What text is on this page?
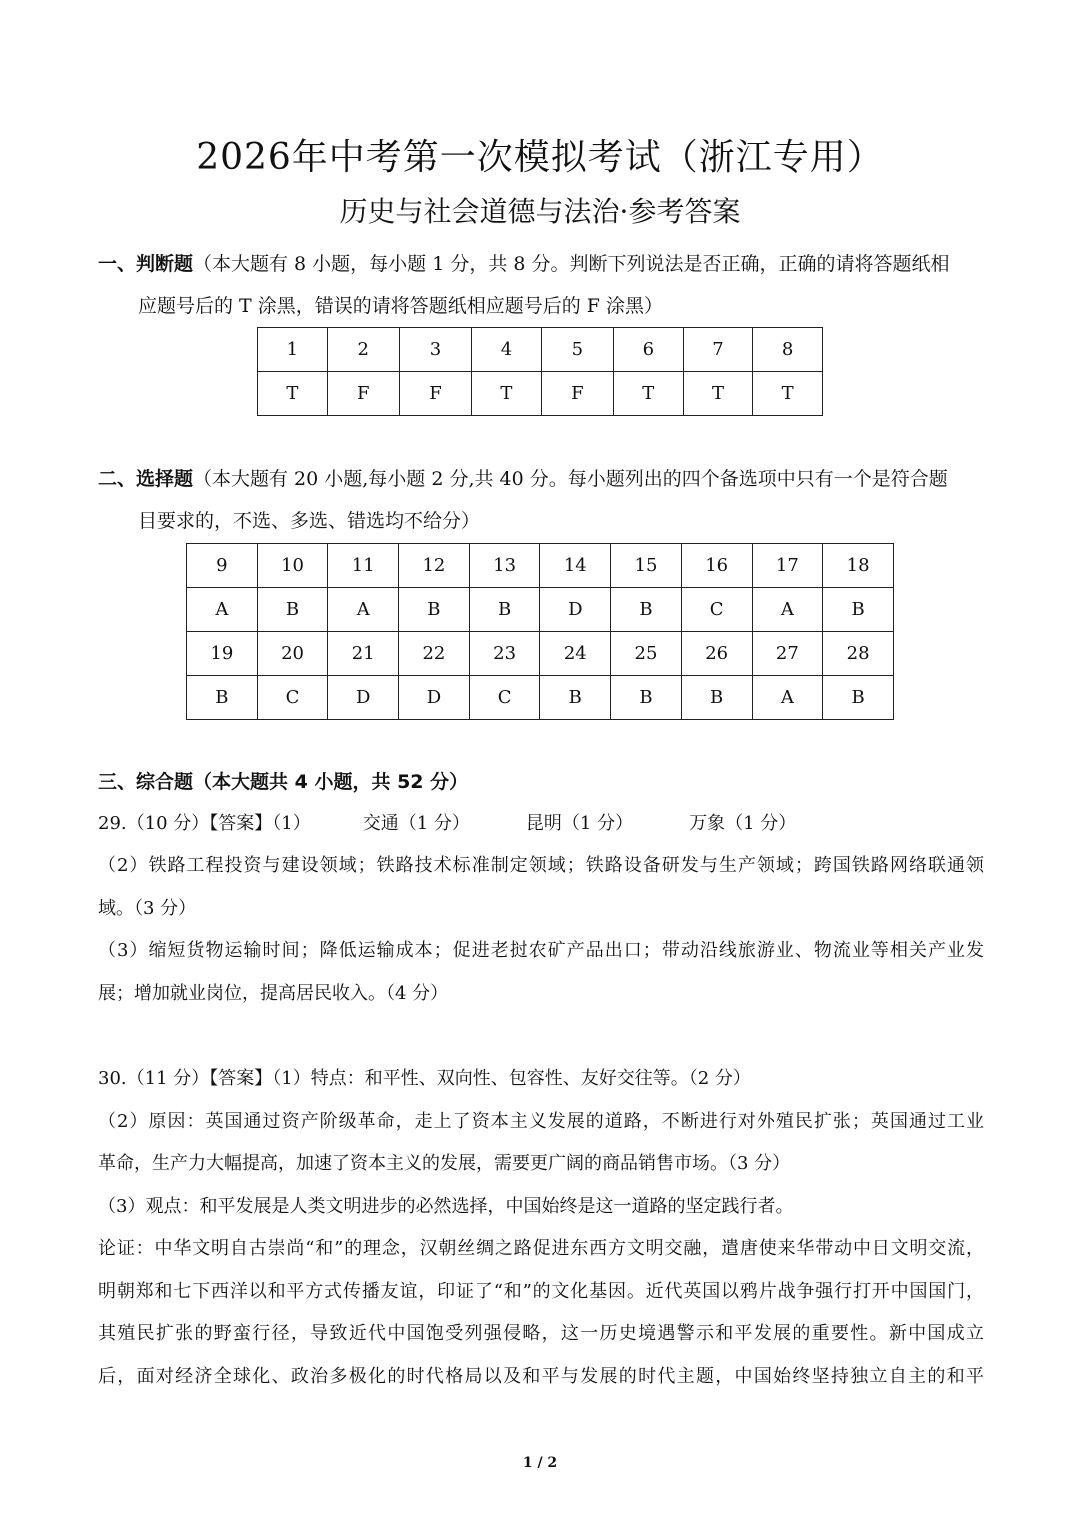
2026年中考第一次模拟考试（浙江专用）
历史与社会道德与法治·参考答案
一、判断题（本大题有 8 小题，每小题 1 分，共 8 分。判断下列说法是否正确，正确的请将答题纸相
应题号后的 T 涂黑，错误的请将答题纸相应题号后的 F 涂黑）
1	2	3	4	5	6	7	8
T	F	F	T	F	T	T	T
二、选择题（本大题有 20 小题,每小题 2 分,共 40 分。每小题列出的四个备选项中只有一个是符合题
目要求的，不选、多选、错选均不给分）
9	10	11	12	13	14	15	16	17	18
A	B	A	B	B	D	B	C	A	B
19	20	21	22	23	24	25	26	27	28
B	C	D	D	C	B	B	B	A	B
三、综合题（本大题共 4 小题，共 52 分）
29.（10 分）【答案】（1）	交通（1 分）	昆明（1 分）	万象（1 分）
（2）铁路工程投资与建设领域；铁路技术标准制定领域；铁路设备研发与生产领域；跨国铁路网络联通领
域。（3 分）
（3）缩短货物运输时间；降低运输成本；促进老挝农矿产品出口；带动沿线旅游业、物流业等相关产业发
展；增加就业岗位，提高居民收入。（4 分）
30.（11 分）【答案】（1）特点：和平性、双向性、包容性、友好交往等。（2 分）
（2）原因：英国通过资产阶级革命，走上了资本主义发展的道路，不断进行对外殖民扩张；英国通过工业
革命，生产力大幅提高，加速了资本主义的发展，需要更广阔的商品销售市场。（3 分）
（3）观点：和平发展是人类文明进步的必然选择，中国始终是这一道路的坚定践行者。
论证：中华文明自古崇尚“和”的理念，汉朝丝绸之路促进东西方文明交融，遣唐使来华带动中日文明交流，
明朝郑和七下西洋以和平方式传播友谊，印证了“和”的文化基因。近代英国以鸦片战争强行打开中国国门，
其殖民扩张的野蛮行径，导致近代中国饱受列强侵略，这一历史境遇警示和平发展的重要性。新中国成立
后，面对经济全球化、政治多极化的时代格局以及和平与发展的时代主题，中国始终坚持独立自主的和平
1 / 2
